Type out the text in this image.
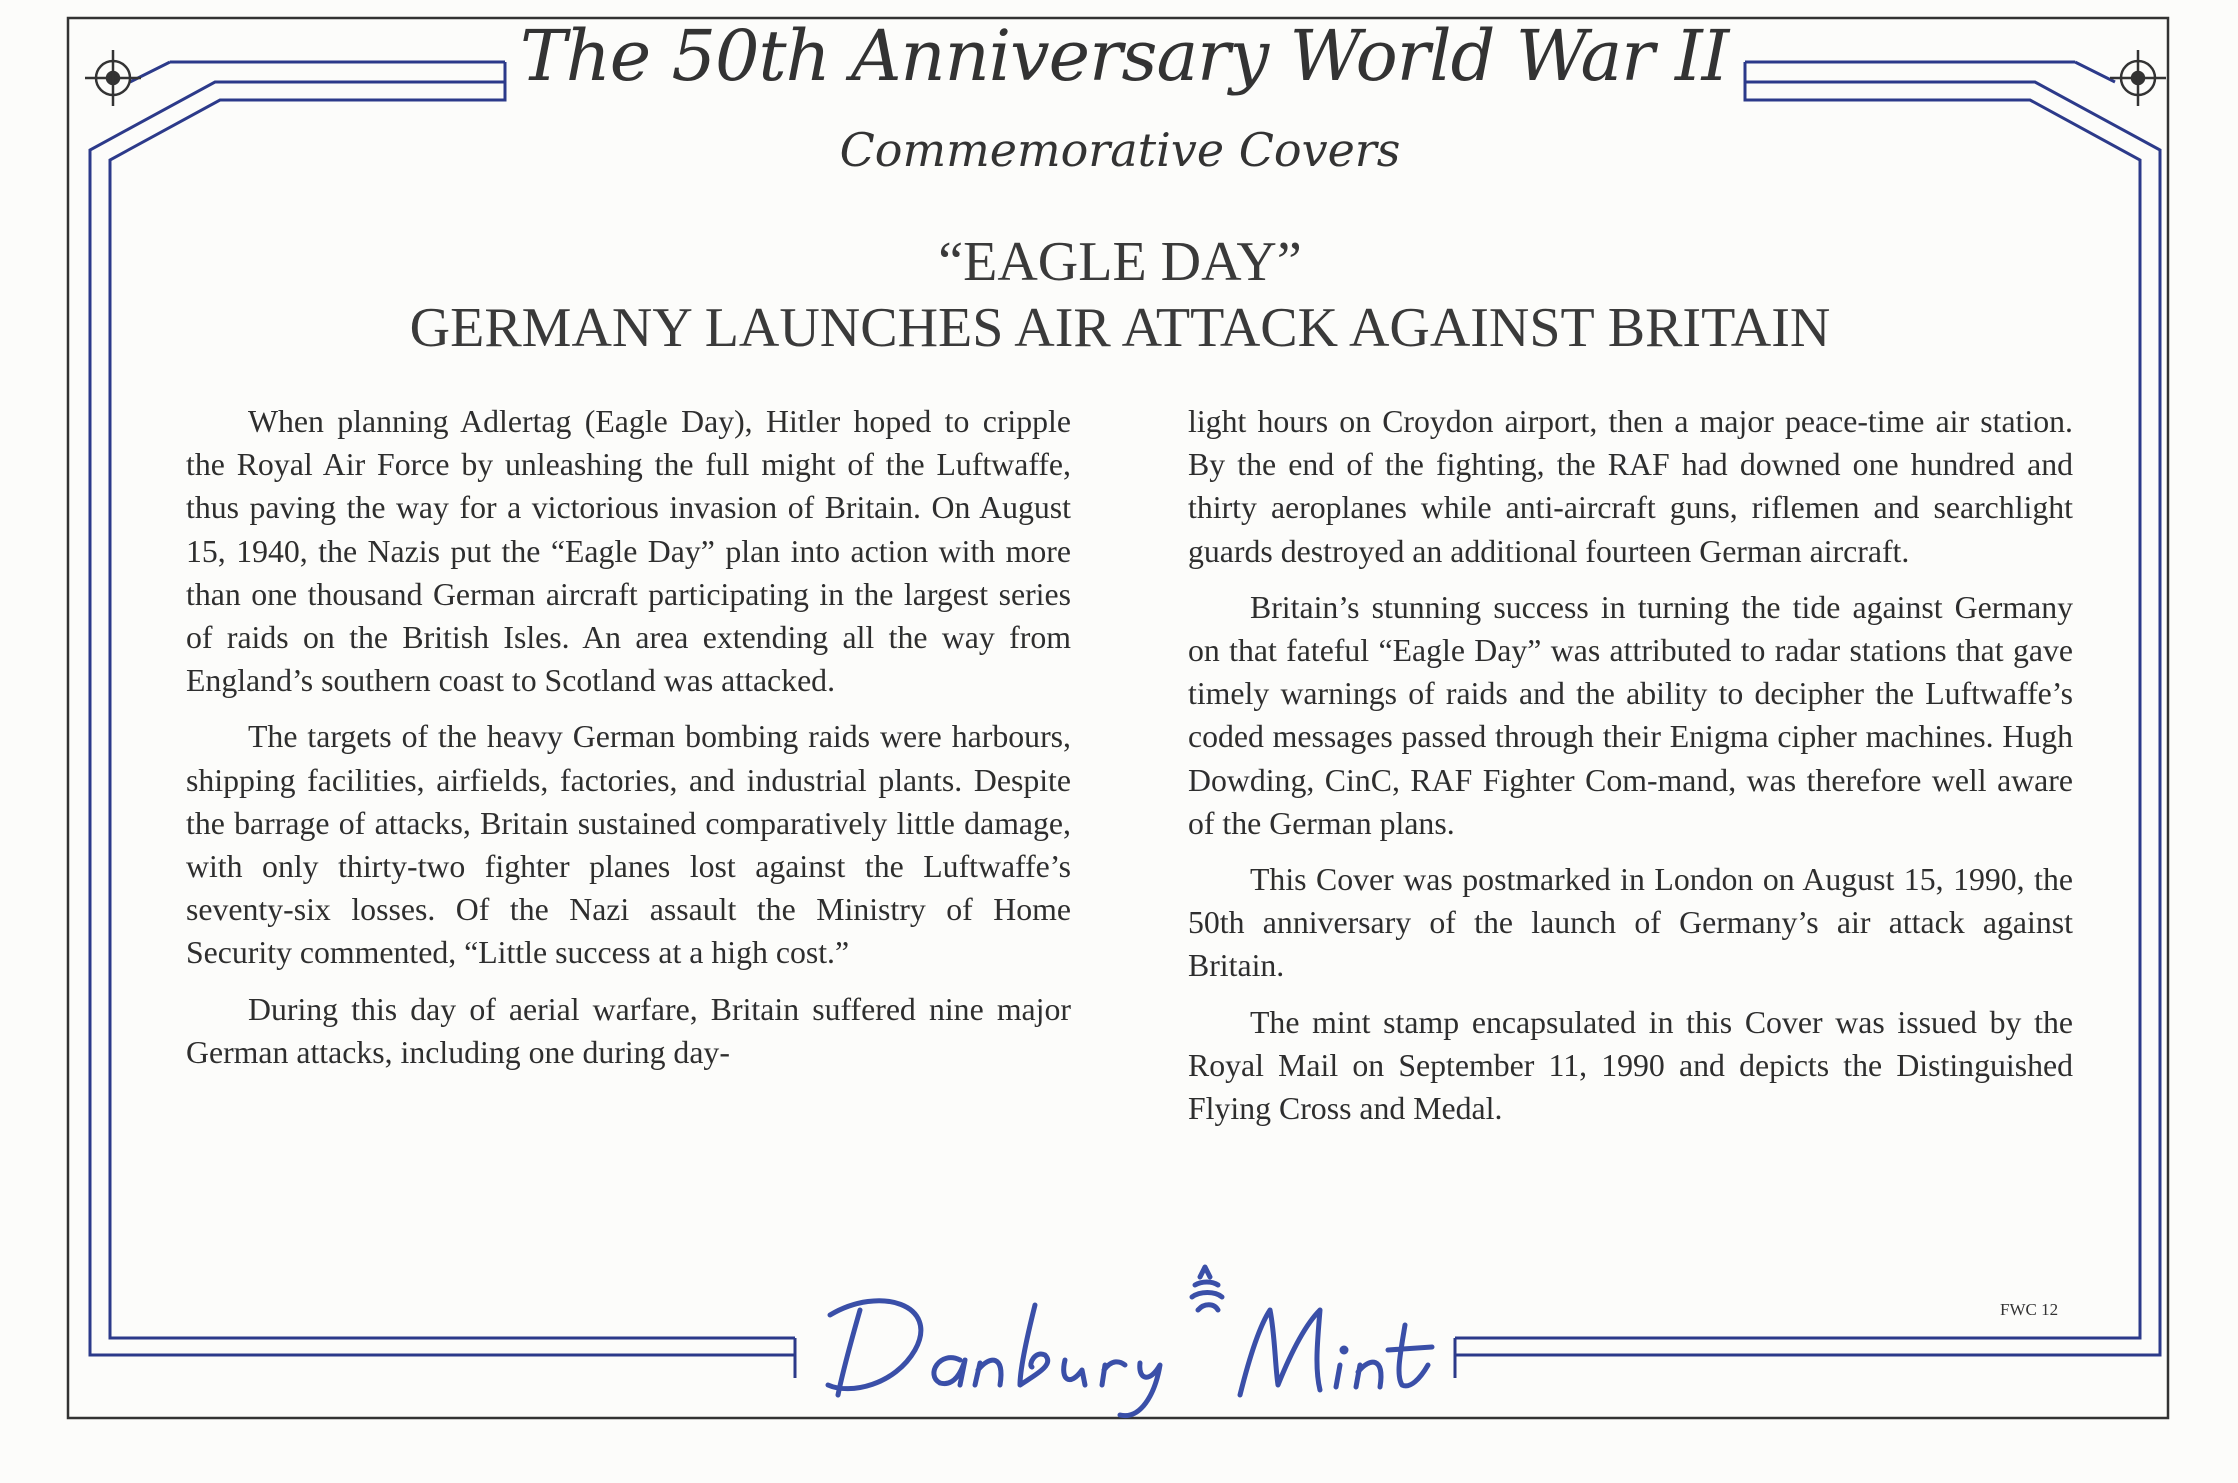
The 50th Anniversary World War II
Commemorative Covers
“EAGLE DAY”
GERMANY LAUNCHES AIR ATTACK AGAINST BRITAIN

When planning Adlertag (Eagle Day), Hitler hoped to cripple the Royal Air Force by unleashing the full might of the Luftwaffe, thus paving the way for a victorious invasion of Britain. On August 15, 1940, the Nazis put the “Eagle Day” plan into action with more than one thousand German aircraft participating in the largest series of raids on the British Isles. An area extending all the way from England’s southern coast to Scotland was attacked.

The targets of the heavy German bombing raids were harbours, shipping facilities, airfields, factories, and industrial plants. Despite the barrage of attacks, Britain sustained comparatively little damage, with only thirty-two fighter planes lost against the Luftwaffe’s seventy-six losses. Of the Nazi assault the Ministry of Home Security commented, “Little success at a high cost.”

During this day of aerial warfare, Britain suffered nine major German attacks, including one during day-

light hours on Croydon airport, then a major peace-time air station. By the end of the fighting, the RAF had downed one hundred and thirty aeroplanes while anti-aircraft guns, riflemen and searchlight guards destroyed an additional fourteen German aircraft.

Britain’s stunning success in turning the tide against Germany on that fateful “Eagle Day” was attributed to radar stations that gave timely warnings of raids and the ability to decipher the Luftwaffe’s coded messages passed through their Enigma cipher machines. Hugh Dowding, CinC, RAF Fighter Com-mand, was therefore well aware of the German plans.

This Cover was postmarked in London on August 15, 1990, the 50th anniversary of the launch of Germany’s air attack against Britain.

The mint stamp encapsulated in this Cover was issued by the Royal Mail on September 11, 1990 and depicts the Distinguished Flying Cross and Medal.

FWC 12
